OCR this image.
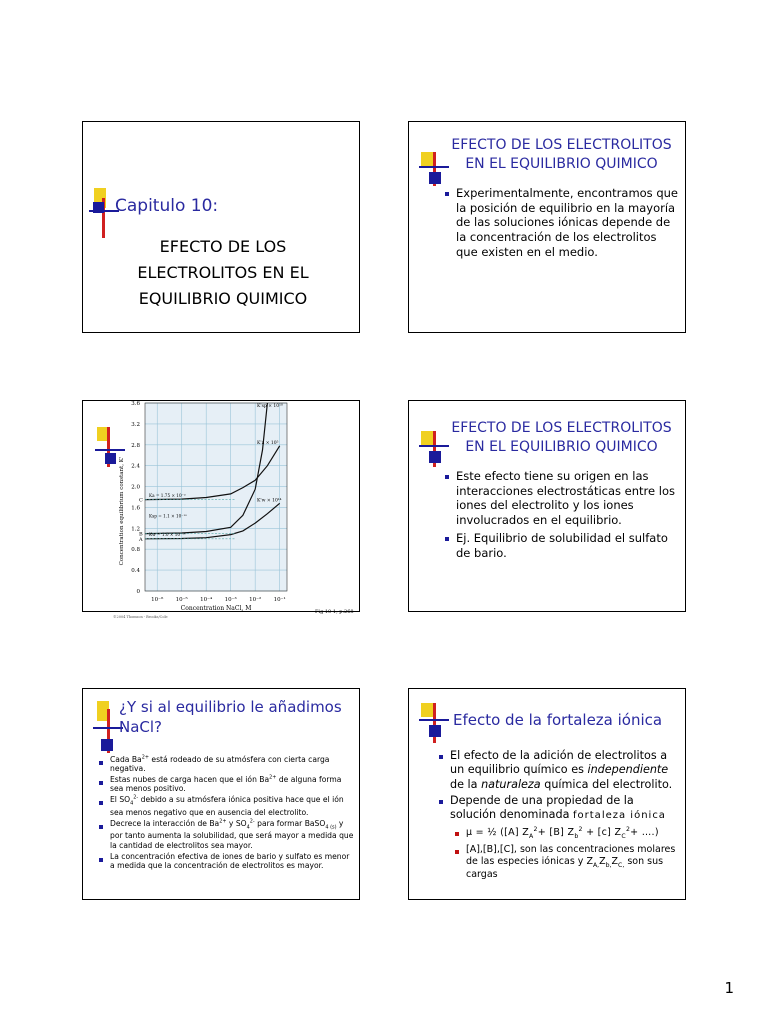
Capitulo 10:
EFECTO DE LOS
ELECTROLITOS EN EL
EQUILIBRIO QUIMICO
EFECTO DE LOS ELECTROLITOS
EN EL EQUILIBRIO QUIMICO
Experimentalmente, encontramos que la posición de equilibrio en la mayoría de las soluciones iónicas depende de la concentración de los electrolitos que existen en el medio.
K'sp × 10¹⁰
K'a × 10⁵
K'w × 10¹⁴
C
B
A
Ka = 1.75 × 10⁻⁵
Ksp = 1.1 × 10⁻¹⁰
Kw = 1.0 × 10⁻¹⁴
0
0.4
0.8
1.2
1.6
2.0
2.4
2.8
3.2
3.6
10⁻⁶ 10⁻⁵ 10⁻⁴ 10⁻³ 10⁻² 10⁻¹
Concentration equilibrium constant, K'
Concentration NaCl, M	Fig 10-1, p.268
©2004 Thomson - Brooks/Cole
EFECTO DE LOS ELECTROLITOS
EN EL EQUILIBRIO QUIMICO
Este efecto tiene su origen en las interacciones electrostáticas entre los iones del electrolito y los iones involucrados en el equilibrio.
Ej. Equilibrio de solubilidad el sulfato de bario.
¿Y si al equilibrio le añadimos
NaCl?
Cada $Ba^{2+}$ está rodeado de su atmósfera con cierta carga negativa.
Estas nubes de carga hacen que el ión $Ba^{2+}$ de alguna forma sea menos positivo.
El $SO_4^{2-}$ debido a su atmósfera iónica positiva hace que el ión sea menos negativo que en ausencia del electrolito.
Decrece la interacción de $Ba^{2+}$ y $SO_4^{2-}$ para formar BaSO$_{4 (s)}$ y por tanto aumenta la solubilidad, que será mayor a medida que la cantidad de electrolitos sea mayor.
La concentración efectiva de iones de bario y sulfato es menor a medida que la concentración de electrolitos es mayor.
Efecto de la fortaleza iónica
El efecto de la adición de electrolitos a un equilibrio químico es independiente de la naturaleza química del electrolito.
Depende de una propiedad de la solución denominada fortaleza iónica
μ = ½ ([A] $Z_A^2+ [B] Z_b^2 + [c]$ $Z_C^2+$ ….)
[A],[B],[C], son las concentraciones molares de las especies iónicas y $Z_{A,}Z_{b,}Z_{C,}$ son sus cargas
1
